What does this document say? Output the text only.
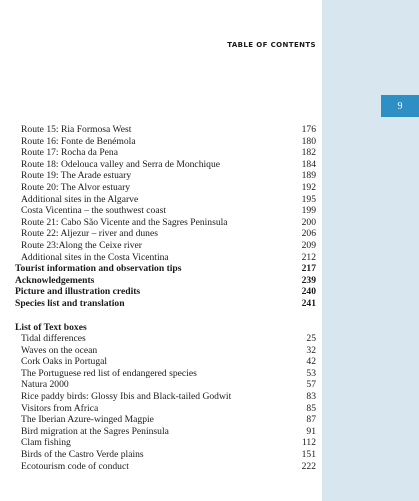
9
TABLE OF CONTENTS
Route 15: Ria Formosa West	176
Route 16: Fonte de Benémola	180
Route 17: Rocha da Pena	182
Route 18: Odelouca valley and Serra de Monchique	184
Route 19: The Arade estuary	189
Route 20: The Alvor estuary	192
Additional sites in the Algarve	195
Costa Vicentina – the southwest coast	199
Route 21: Cabo São Vicente and the Sagres Peninsula	200
Route 22: Aljezur – river and dunes	206
Route 23:Along the Ceixe river	209
Additional sites in the Costa Vicentina	212
Tourist information and observation tips	217
Acknowledgements	239
Picture and illustration credits	240
Species list and translation	241
List of Text boxes
Tidal differences	25
Waves on the ocean	32
Cork Oaks in Portugal	42
The Portuguese red list of endangered species	53
Natura 2000	57
Rice paddy birds: Glossy Ibis and Black-tailed Godwit	83
Visitors from Africa	85
The Iberian Azure-winged Magpie	87
Bird migration at the Sagres Peninsula	91
Clam fishing	112
Birds of the Castro Verde plains	151
Ecotourism code of conduct	222
